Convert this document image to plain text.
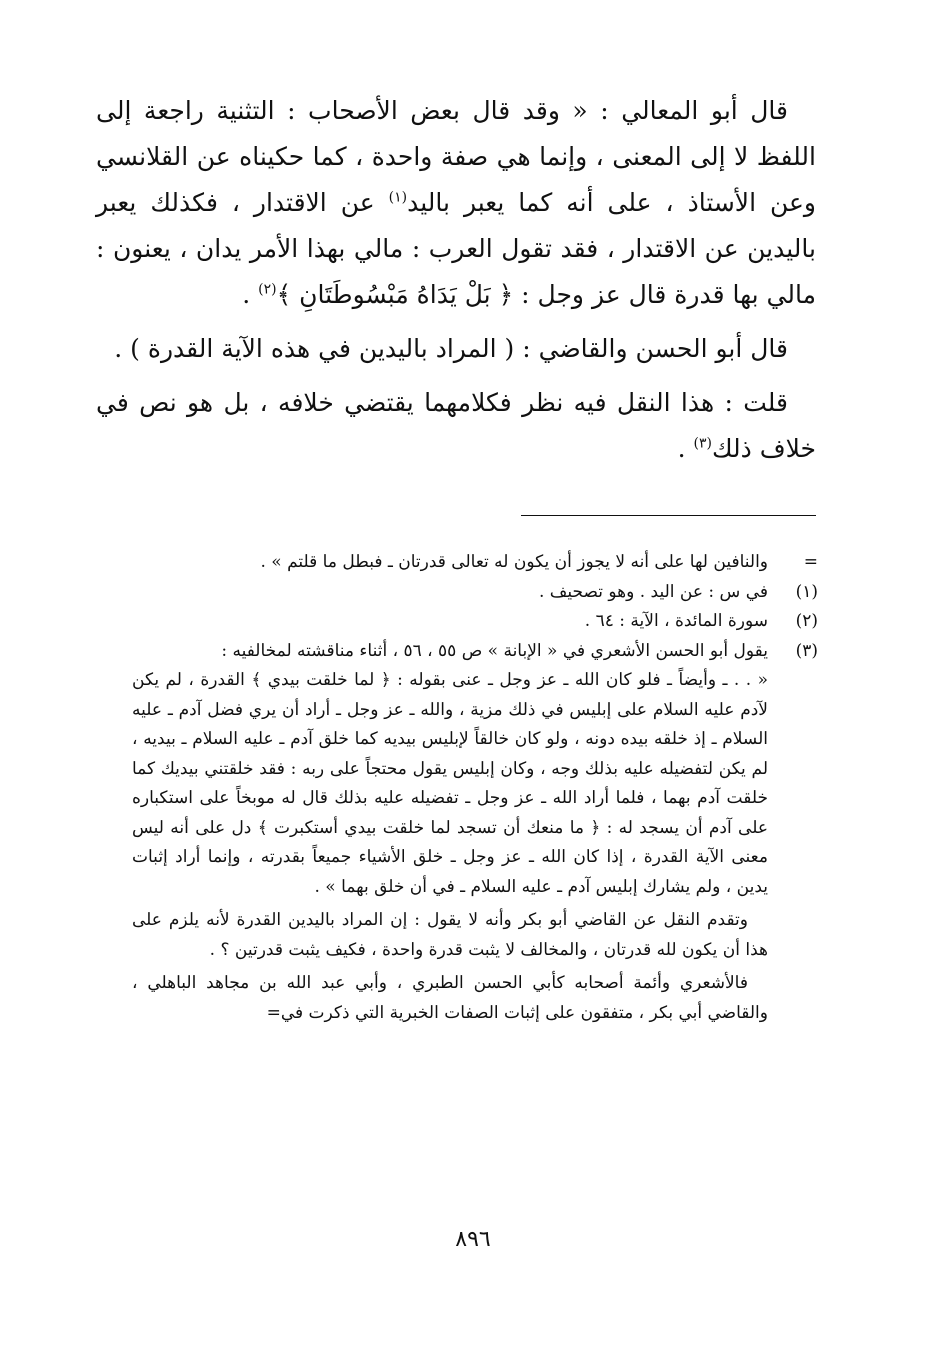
قال أبو المعالي : « وقد قال بعض الأصحاب : التثنية راجعة إلى اللفظ لا إلى المعنى ، وإنما هي صفة واحدة ، كما حكيناه عن القلانسي وعن الأستاذ ، على أنه كما يعبر باليد$^{(١)}$ عن الاقتدار ، فكذلك يعبر باليدين عن الاقتدار ، فقد تقول العرب : مالي بهذا الأمر يدان ، يعنون : مالي بها قدرة قال عز وجل : ﴿ بَلْ يَدَاهُ مَبْسُوطَتَانِ ﴾$^{(٢)}$ .

قال أبو الحسن والقاضي : ( المراد باليدين في هذه الآية القدرة ) .

قلت : هذا النقل فيه نظر فكلامهما يقتضي خلافه ، بل هو نص في خلاف ذلك$^{(٣)}$ .

=
والنافين لها على أنه لا يجوز أن يكون له تعالى قدرتان ـ فبطل ما قلتم » .
(١)
في س : عن اليد . وهو تصحيف .
(٢)
سورة المائدة ، الآية : ٦٤ .
(٣)
يقول أبو الحسن الأشعري في « الإبانة » ص ٥٥ ، ٥٦ ، أثناء مناقشته لمخالفيه :
« . . ـ وأيضاً ـ فلو كان الله ـ عز وجل ـ عنى بقوله : ﴿ لما خلقت بيدي ﴾ القدرة ، لم يكن لآدم عليه السلام على إبليس في ذلك مزية ، والله ـ عز وجل ـ أراد أن يري فضل آدم ـ عليه السلام ـ إذ خلقه بيده دونه ، ولو كان خالقاً لإبليس بيديه كما خلق آدم ـ عليه السلام ـ بيديه ، لم يكن لتفضيله عليه بذلك وجه ، وكان إبليس يقول محتجاً على ربه : فقد خلقتني بيديك كما خلقت آدم بهما ، فلما أراد الله ـ عز وجل ـ تفضيله عليه بذلك قال له موبخاً على استكباره على آدم أن يسجد له : ﴿ ما منعك أن تسجد لما خلقت بيدي أستكبرت ﴾ دل على أنه ليس معنى الآية القدرة ، إذا كان الله ـ عز وجل ـ خلق الأشياء جميعاً بقدرته ، وإنما أراد إثبات يدين ، ولم يشارك إبليس آدم ـ عليه السلام ـ في أن خلق بهما » .
وتقدم النقل عن القاضي أبو بكر وأنه لا يقول : إن المراد باليدين القدرة لأنه يلزم على هذا أن يكون لله قدرتان ، والمخالف لا يثبت قدرة واحدة ، فكيف يثبت قدرتين ؟ .
فالأشعري وأئمة أصحابه كأبي الحسن الطبري ، وأبي عبد الله بن مجاهد الباهلي ، والقاضي أبي بكر ، متفقون على إثبات الصفات الخبرية التي ذكرت في=
٨٩٦
